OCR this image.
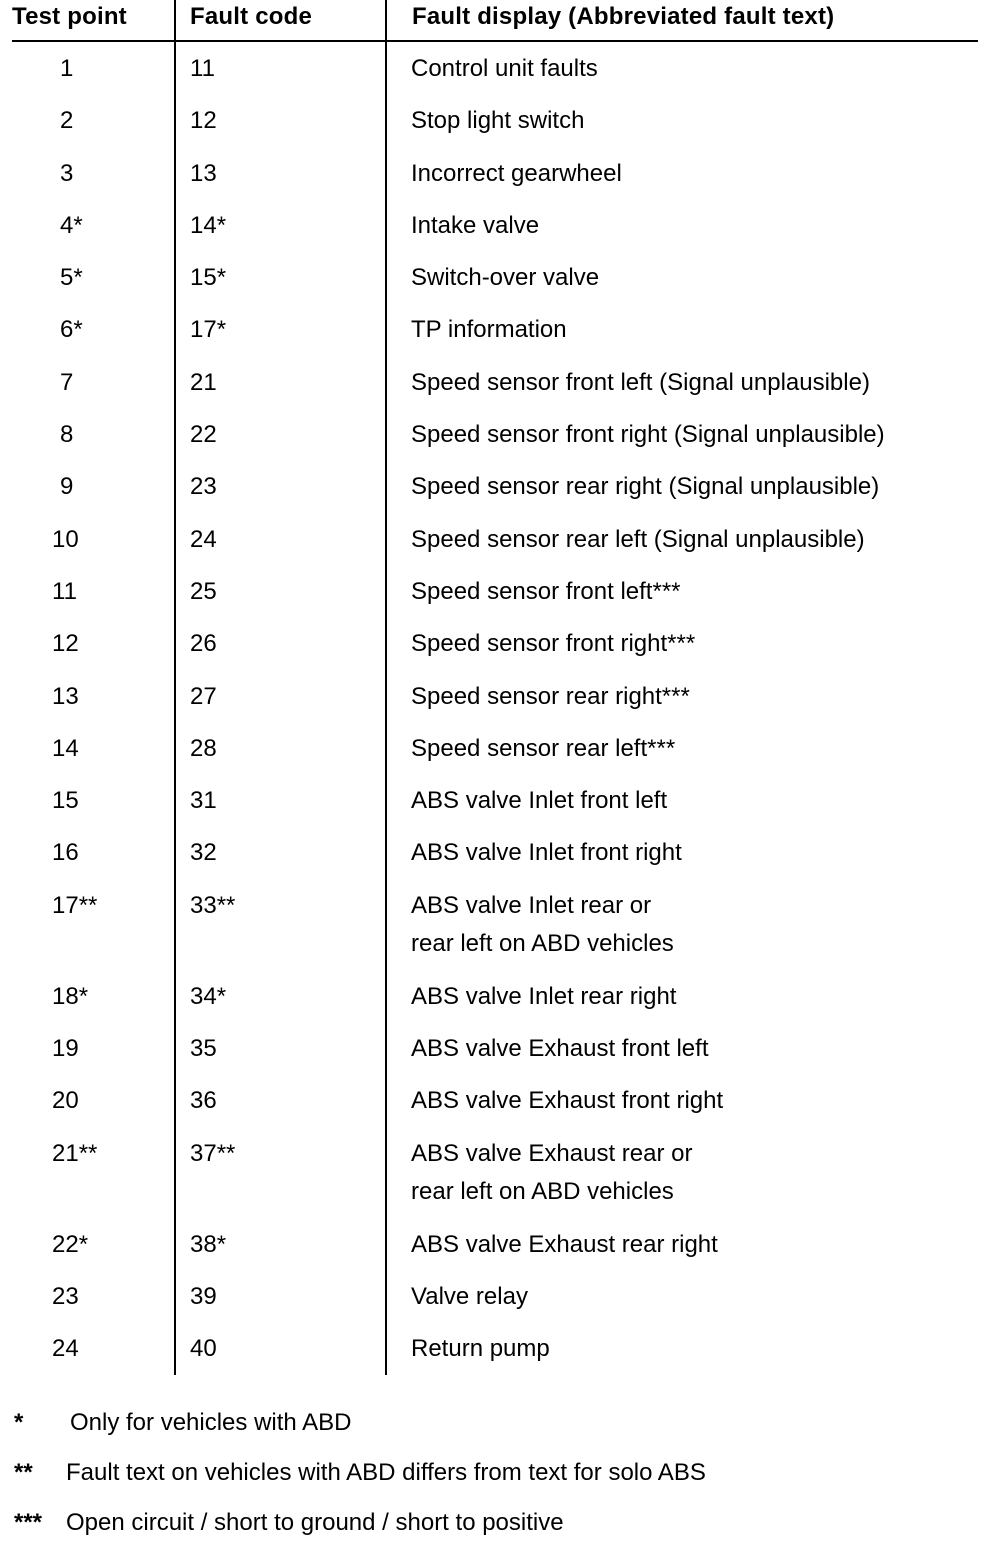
Test point	Fault code	Fault display (Abbreviated fault text)
1	11	Control unit faults
2	12	Stop light switch
3	13	Incorrect gearwheel
4*	14*	Intake valve
5*	15*	Switch-over valve
6*	17*	TP information
7	21	Speed sensor front left (Signal unplausible)
8	22	Speed sensor front right (Signal unplausible)
9	23	Speed sensor rear right (Signal unplausible)
10	24	Speed sensor rear left (Signal unplausible)
11	25	Speed sensor front left***
12	26	Speed sensor front right***
13	27	Speed sensor rear right***
14	28	Speed sensor rear left***
15	31	ABS valve Inlet front left
16	32	ABS valve Inlet front right
17**	33**	ABS valve Inlet rear or
rear left on ABD vehicles
18*	34*	ABS valve Inlet rear right
19	35	ABS valve Exhaust front left
20	36	ABS valve Exhaust front right
21**	37**	ABS valve Exhaust rear or
rear left on ABD vehicles
22*	38*	ABS valve Exhaust rear right
23	39	Valve relay
24	40	Return pump
* Only for vehicles with ABD
** Fault text on vehicles with ABD differs from text for solo ABS
*** Open circuit / short to ground / short to positive
